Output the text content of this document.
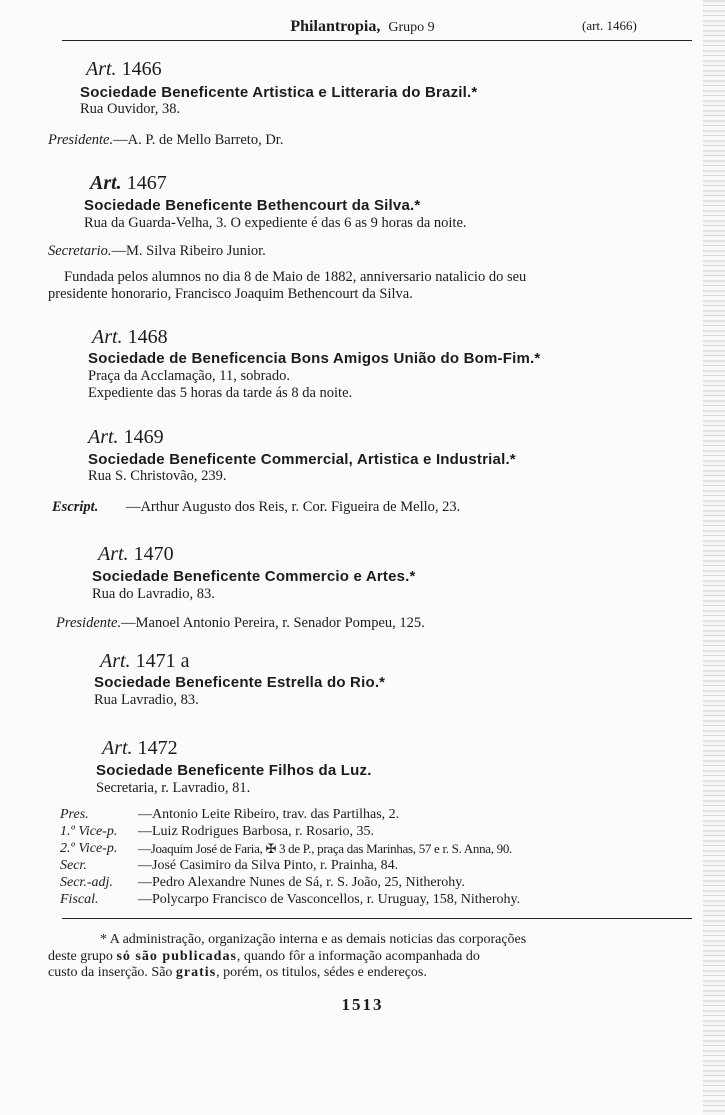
Philantropia, Grupo 9	(art. 1466)
Art. 1466
Sociedade Beneficente Artistica e Litteraria do Brazil.*
Rua Ouvidor, 38.
Presidente.—A. P. de Mello Barreto, Dr.
Art. 1467
Sociedade Beneficente Bethencourt da Silva.*
Rua da Guarda-Velha, 3. O expediente é das 6 as 9 horas da noite.
Secretario.—M. Silva Ribeiro Junior.
Fundada pelos alumnos no dia 8 de Maio de 1882, anniversario natalicio do seu
presidente honorario, Francisco Joaquim Bethencourt da Silva.
Art. 1468
Sociedade de Beneficencia Bons Amigos União do Bom-Fim.*
Praça da Acclamação, 11, sobrado.
Expediente das 5 horas da tarde ás 8 da noite.
Art. 1469
Sociedade Beneficente Commercial, Artistica e Industrial.*
Rua S. Christovão, 239.
Escript. —Arthur Augusto dos Reis, r. Cor. Figueira de Mello, 23.
Art. 1470
Sociedade Beneficente Commercio e Artes.*
Rua do Lavradio, 83.
Presidente.—Manoel Antonio Pereira, r. Senador Pompeu, 125.
Art. 1471 a
Sociedade Beneficente Estrella do Rio.*
Rua Lavradio, 83.
Art. 1472
Sociedade Beneficente Filhos da Luz.
Secretaria, r. Lavradio, 81.
Pres.	—Antonio Leite Ribeiro, trav. das Partilhas, 2.
1.º Vice-p. —Luiz Rodrigues Barbosa, r. Rosario, 35.
2.º Vice-p. —Joaquim José de Faria, ✠ 3 de P., praça das Marinhas, 57 e r. S. Anna, 90.
Secr.	—José Casimiro da Silva Pinto, r. Prainha, 84.
Secr.-adj. —Pedro Alexandre Nunes de Sá, r. S. João, 25, Nitherohy.
Fiscal.	—Polycarpo Francisco de Vasconcellos, r. Uruguay, 158, Nitherohy.
* A administração, organização interna e as demais noticias das corporações
deste grupo só são publicadas, quando fôr a informação acompanhada do
custo da inserção. São gratis, porém, os titulos, sédes e endereços.
1513
